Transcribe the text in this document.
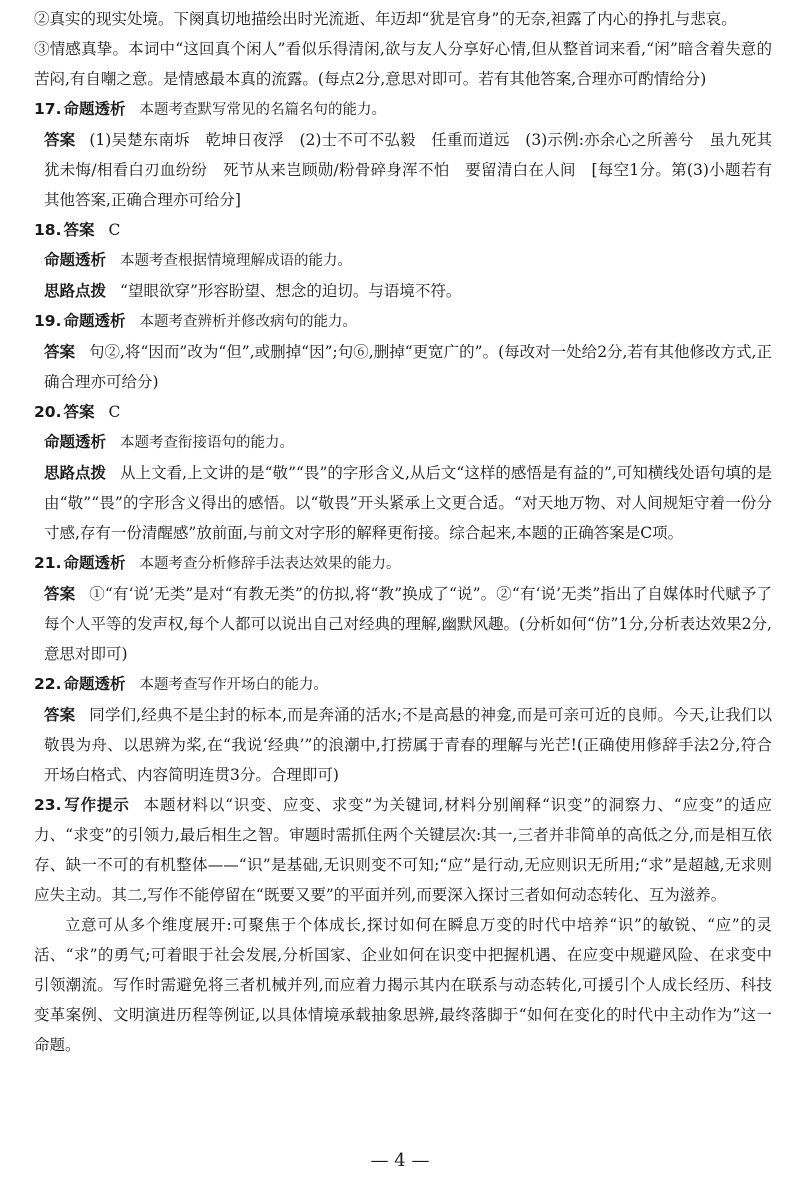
②真实的现实处境。下阕真切地描绘出时光流逝、年迈却“犹是官身”的无奈,袒露了内心的挣扎与悲哀。

③情感真挚。本词中“这回真个闲人”看似乐得清闲,欲与友人分享好心情,但从整首词来看,“闲”暗含着失意的苦闷,有自嘲之意。是情感最本真的流露。(每点2分,意思对即可。若有其他答案,合理亦可酌情给分)

17. 命题透析 本题考查默写常见的名篇名句的能力。

答案 (1)吴楚东南坼　乾坤日夜浮　(2)士不可不弘毅　任重而道远　(3)示例:亦余心之所善兮　虽九死其犹未悔/相看白刃血纷纷　死节从来岂顾勋/粉骨碎身浑不怕　要留清白在人间　[每空1分。第(3)小题若有其他答案,正确合理亦可给分]

18. 答案 C

命题透析 本题考查根据情境理解成语的能力。

思路点拨 “望眼欲穿”形容盼望、想念的迫切。与语境不符。

19. 命题透析 本题考查辨析并修改病句的能力。

答案 句②,将“因而”改为“但”,或删掉“因”;句⑥,删掉“更宽广的”。(每改对一处给2分,若有其他修改方式,正确合理亦可给分)

20. 答案 C

命题透析 本题考查衔接语句的能力。

思路点拨 从上文看,上文讲的是“敬”“畏”的字形含义,从后文“这样的感悟是有益的”,可知横线处语句填的是由“敬”“畏”的字形含义得出的感悟。以“敬畏”开头紧承上文更合适。“对天地万物、对人间规矩守着一份分寸感,存有一份清醒感”放前面,与前文对字形的解释更衔接。综合起来,本题的正确答案是C项。

21. 命题透析 本题考查分析修辞手法表达效果的能力。

答案 ①“有‘说’无类”是对“有教无类”的仿拟,将“教”换成了“说”。②“有‘说’无类”指出了自媒体时代赋予了每个人平等的发声权,每个人都可以说出自己对经典的理解,幽默风趣。(分析如何“仿”1分,分析表达效果2分,意思对即可)

22. 命题透析 本题考查写作开场白的能力。

答案 同学们,经典不是尘封的标本,而是奔涌的活水;不是高悬的神龛,而是可亲可近的良师。今天,让我们以敬畏为舟、以思辨为桨,在“我说‘经典’”的浪潮中,打捞属于青春的理解与光芒!(正确使用修辞手法2分,符合开场白格式、内容简明连贯3分。合理即可)

23. 写作提示 本题材料以“识变、应变、求变”为关键词,材料分别阐释“识变”的洞察力、“应变”的适应力、“求变”的引领力,最后相生之智。审题时需抓住两个关键层次:其一,三者并非简单的高低之分,而是相互依存、缺一不可的有机整体——“识”是基础,无识则变不可知;“应”是行动,无应则识无所用;“求”是超越,无求则应失主动。其二,写作不能停留在“既要又要”的平面并列,而要深入探讨三者如何动态转化、互为滋养。

立意可从多个维度展开:可聚焦于个体成长,探讨如何在瞬息万变的时代中培养“识”的敏锐、“应”的灵活、“求”的勇气;可着眼于社会发展,分析国家、企业如何在识变中把握机遇、在应变中规避风险、在求变中引领潮流。写作时需避免将三者机械并列,而应着力揭示其内在联系与动态转化,可援引个人成长经历、科技变革案例、文明演进历程等例证,以具体情境承载抽象思辨,最终落脚于“如何在变化的时代中主动作为”这一命题。

— 4 —
